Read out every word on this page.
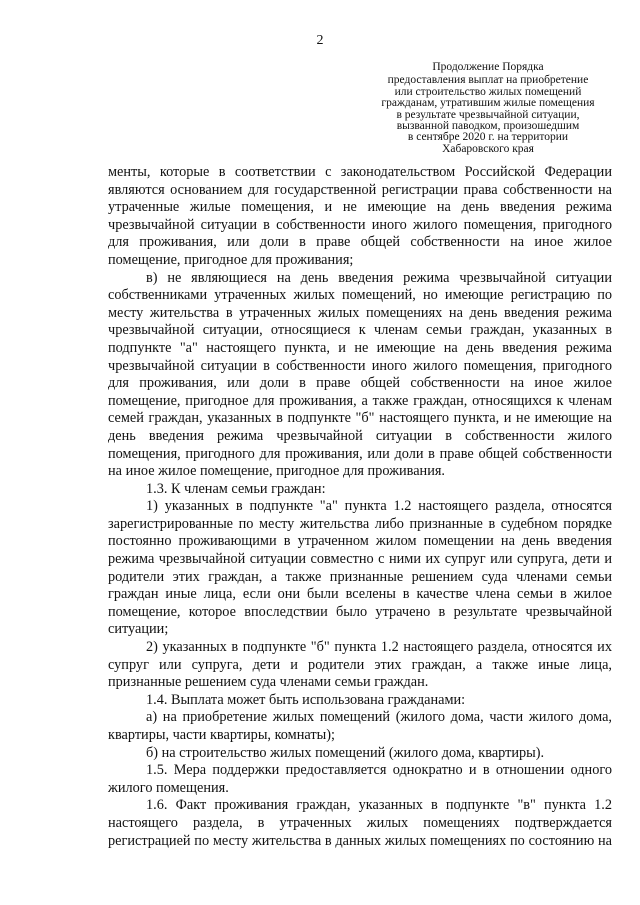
2
Продолжение Порядка
предоставления выплат на приобретение
или строительство жилых помещений
гражданам, утратившим жилые помещения
в результате чрезвычайной ситуации,
вызванной паводком, произошедшим
в сентябре 2020 г. на территории
Хабаровского края

менты, которые в соответствии с законодательством Российской Федерации являются основанием для государственной регистрации права собственности на утраченные жилые помещения, и не имеющие на день введения режима чрезвычайной ситуации в собственности иного жилого помещения, пригодного для проживания, или доли в праве общей собственности на иное жилое помещение, пригодное для проживания;

в) не являющиеся на день введения режима чрезвычайной ситуации собственниками утраченных жилых помещений, но имеющие регистрацию по месту жительства в утраченных жилых помещениях на день введения режима чрезвычайной ситуации, относящиеся к членам семьи граждан, указанных в подпункте "а" настоящего пункта, и не имеющие на день введения режима чрезвычайной ситуации в собственности иного жилого помещения, пригодного для проживания, или доли в праве общей собственности на иное жилое помещение, пригодное для проживания, а также граждан, относящихся к членам семей граждан, указанных в подпункте "б" настоящего пункта, и не имеющие на день введения режима чрезвычайной ситуации в собственности жилого помещения, пригодного для проживания, или доли в праве общей собственности на иное жилое помещение, пригодное для проживания.

1.3. К членам семьи граждан:

1) указанных в подпункте "а" пункта 1.2 настоящего раздела, относятся зарегистрированные по месту жительства либо признанные в судебном порядке постоянно проживающими в утраченном жилом помещении на день введения режима чрезвычайной ситуации совместно с ними их супруг или супруга, дети и родители этих граждан, а также признанные решением суда членами семьи граждан иные лица, если они были вселены в качестве члена семьи в жилое помещение, которое впоследствии было утрачено в результате чрезвычайной ситуации;

2) указанных в подпункте "б" пункта 1.2 настоящего раздела, относятся их супруг или супруга, дети и родители этих граждан, а также иные лица, признанные решением суда членами семьи граждан.

1.4. Выплата может быть использована гражданами:

а) на приобретение жилых помещений (жилого дома, части жилого дома, квартиры, части квартиры, комнаты);

б) на строительство жилых помещений (жилого дома, квартиры).

1.5. Мера поддержки предоставляется однократно и в отношении одного жилого помещения.

1.6. Факт проживания граждан, указанных в подпункте "в" пункта 1.2 настоящего раздела, в утраченных жилых помещениях подтверждается регистрацией по месту жительства в данных жилых помещениях по состоянию на
